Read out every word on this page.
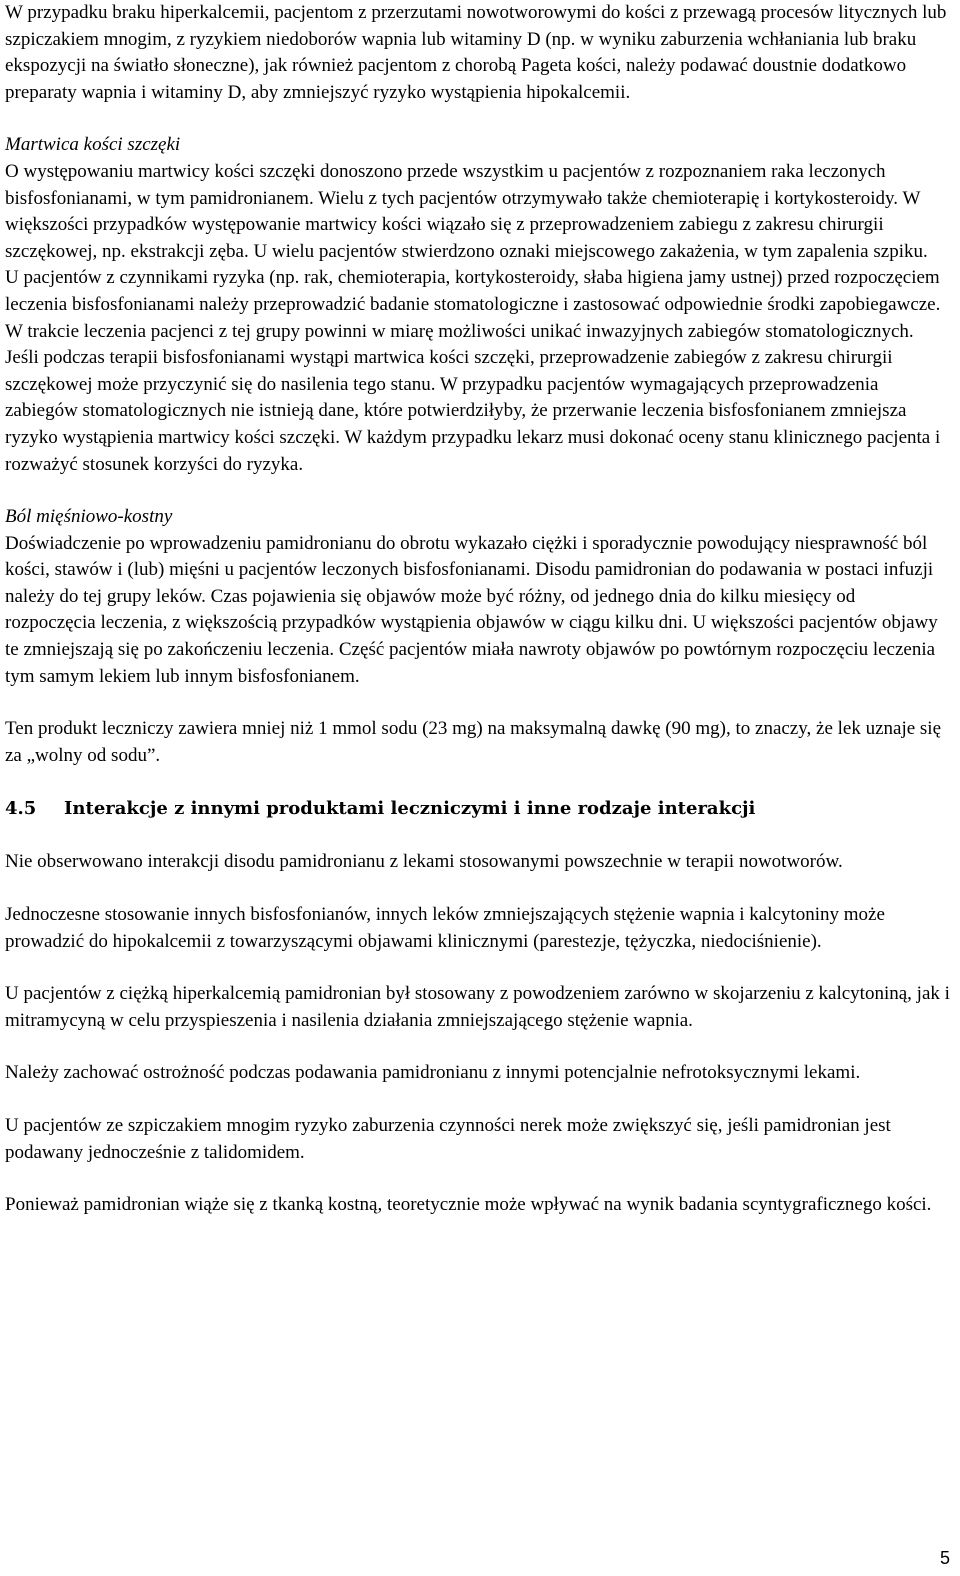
W przypadku braku hiperkalcemii, pacjentom z przerzutami nowotworowymi do kości z przewagą procesów litycznych lub szpiczakiem mnogim, z ryzykiem niedoborów wapnia lub witaminy D (np. w wyniku zaburzenia wchłaniania lub braku ekspozycji na światło słoneczne), jak również pacjentom z chorobą Pageta kości, należy podawać doustnie dodatkowo preparaty wapnia i witaminy D, aby zmniejszyć ryzyko wystąpienia hipokalcemii.

Martwica kości szczęki

O występowaniu martwicy kości szczęki donoszono przede wszystkim u pacjentów z rozpoznaniem raka leczonych bisfosfonianami, w tym pamidronianem. Wielu z tych pacjentów otrzymywało także chemioterapię i kortykosteroidy. W większości przypadków występowanie martwicy kości wiązało się z przeprowadzeniem zabiegu z zakresu chirurgii szczękowej, np. ekstrakcji zęba. U wielu pacjentów stwierdzono oznaki miejscowego zakażenia, w tym zapalenia szpiku.

U pacjentów z czynnikami ryzyka (np. rak, chemioterapia, kortykosteroidy, słaba higiena jamy ustnej) przed rozpoczęciem leczenia bisfosfonianami należy przeprowadzić badanie stomatologiczne i zastosować odpowiednie środki zapobiegawcze.

W trakcie leczenia pacjenci z tej grupy powinni w miarę możliwości unikać inwazyjnych zabiegów stomatologicznych. Jeśli podczas terapii bisfosfonianami wystąpi martwica kości szczęki, przeprowadzenie zabiegów z zakresu chirurgii szczękowej może przyczynić się do nasilenia tego stanu. W przypadku pacjentów wymagających przeprowadzenia zabiegów stomatologicznych nie istnieją dane, które potwierdziłyby, że przerwanie leczenia bisfosfonianem zmniejsza ryzyko wystąpienia martwicy kości szczęki. W każdym przypadku lekarz musi dokonać oceny stanu klinicznego pacjenta i rozważyć stosunek korzyści do ryzyka.

Ból mięśniowo-kostny

Doświadczenie po wprowadzeniu pamidronianu do obrotu wykazało ciężki i sporadycznie powodujący niesprawność ból kości, stawów i (lub) mięśni u pacjentów leczonych bisfosfonianami. Disodu pamidronian do podawania w postaci infuzji należy do tej grupy leków. Czas pojawienia się objawów może być różny, od jednego dnia do kilku miesięcy od rozpoczęcia leczenia, z większością przypadków wystąpienia objawów w ciągu kilku dni. U większości pacjentów objawy te zmniejszają się po zakończeniu leczenia. Część pacjentów miała nawroty objawów po powtórnym rozpoczęciu leczenia tym samym lekiem lub innym bisfosfonianem.

Ten produkt leczniczy zawiera mniej niż 1 mmol sodu (23 mg) na maksymalną dawkę (90 mg), to znaczy, że lek uznaje się za „wolny od sodu”.

4.5 Interakcje z innymi produktami leczniczymi i inne rodzaje interakcji

Nie obserwowano interakcji disodu pamidronianu z lekami stosowanymi powszechnie w terapii nowotworów.

Jednoczesne stosowanie innych bisfosfonianów, innych leków zmniejszających stężenie wapnia i kalcytoniny może prowadzić do hipokalcemii z towarzyszącymi objawami klinicznymi (parestezje, tężyczka, niedociśnienie).

U pacjentów z ciężką hiperkalcemią pamidronian był stosowany z powodzeniem zarówno w skojarzeniu z kalcytoniną, jak i mitramycyną w celu przyspieszenia i nasilenia działania zmniejszającego stężenie wapnia.

Należy zachować ostrożność podczas podawania pamidronianu z innymi potencjalnie nefrotoksycznymi lekami.

U pacjentów ze szpiczakiem mnogim ryzyko zaburzenia czynności nerek może zwiększyć się, jeśli pamidronian jest podawany jednocześnie z talidomidem.

Ponieważ pamidronian wiąże się z tkanką kostną, teoretycznie może wpływać na wynik badania scyntygraficznego kości.

5
